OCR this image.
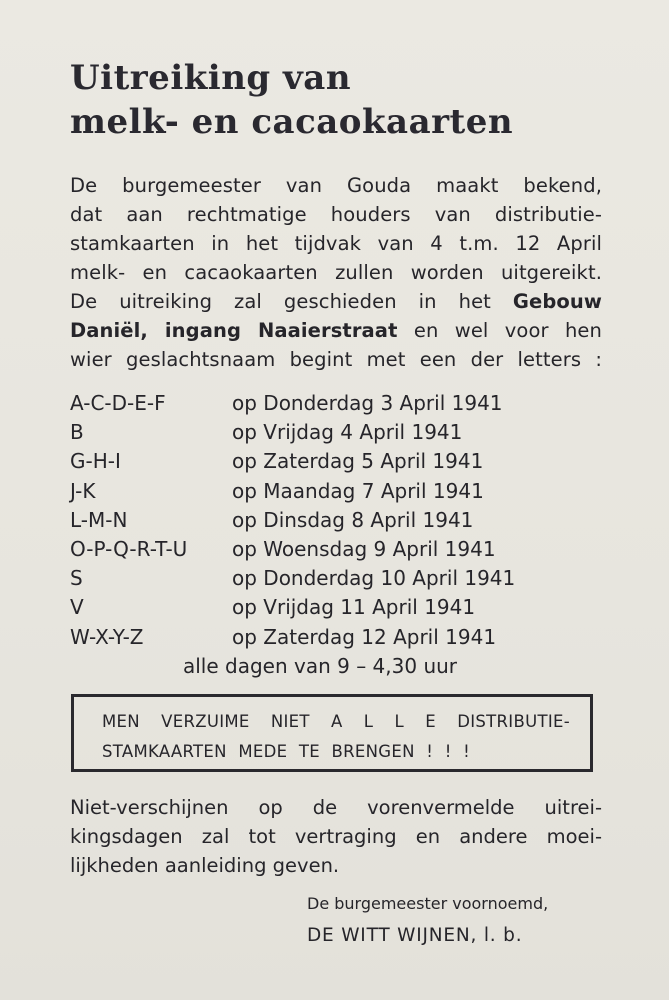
Uitreiking van
melk- en cacaokaarten
De burgemeester van Gouda maakt bekend,
dat aan rechtmatige houders van distributie-
stamkaarten in het tijdvak van 4 t.m. 12 April
melk- en cacaokaarten zullen worden uitgereikt.
De uitreiking zal geschieden in het Gebouw
Daniël, ingang Naaierstraat en wel voor hen
wier geslachtsnaam begint met een der letters :
A-C-D-E-F	op Donderdag 3 April 1941
B	op Vrijdag 4 April 1941
G-H-I	op Zaterdag 5 April 1941
J-K	op Maandag 7 April 1941
L-M-N	op Dinsdag 8 April 1941
O-P-Q-R-T-U	op Woensdag 9 April 1941
S	op Donderdag 10 April 1941
V	op Vrijdag 11 April 1941
W-X-Y-Z	op Zaterdag 12 April 1941
alle dagen van 9 – 4,30 uur
MEN VERZUIME NIET A L L E DISTRIBUTIE-
STAMKAARTEN MEDE TE BRENGEN ! ! !
Niet-verschijnen op de vorenvermelde uitrei-
kingsdagen zal tot vertraging en andere moei-
lijkheden aanleiding geven.
De burgemeester voornoemd,
DE WITT WIJNEN, l. b.
